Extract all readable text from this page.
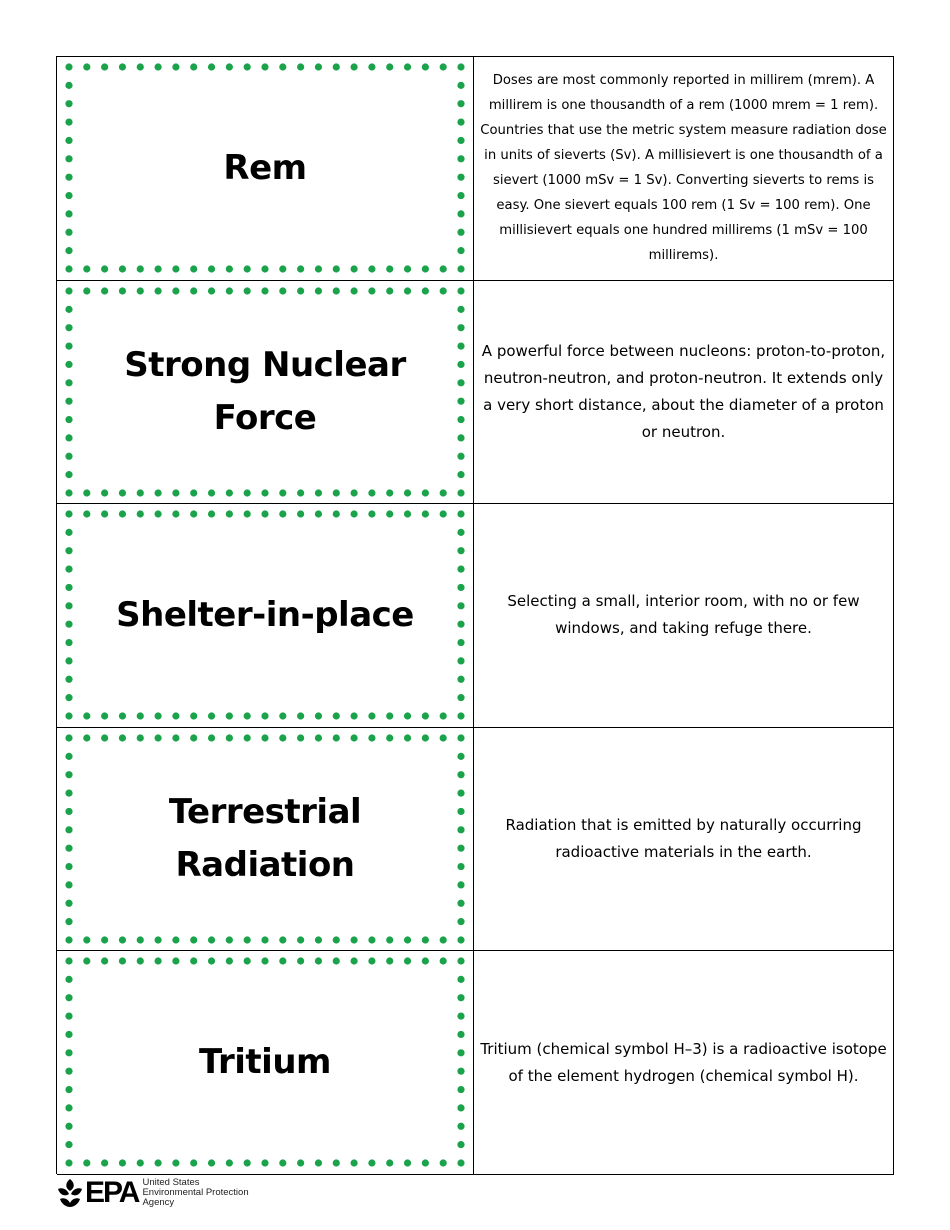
Rem
Doses are most commonly reported in millirem (mrem). A millirem is one thousandth of a rem (1000 mrem = 1 rem). Countries that use the metric system measure radiation dose in units of sieverts (Sv). A millisievert is one thousandth of a sievert (1000 mSv = 1 Sv). Converting sieverts to rems is easy. One sievert equals 100 rem (1 Sv = 100 rem). One millisievert equals one hundred millirems (1 mSv = 100 millirems).
Strong Nuclear
Force
A powerful force between nucleons: proton-to-proton, neutron-neutron, and proton-neutron. It extends only a very short distance, about the diameter of a proton or neutron.
Shelter-in-place	Selecting a small, interior room, with no or few windows, and taking refuge there.
Terrestrial
Radiation
Radiation that is emitted by naturally occurring radioactive materials in the earth.
Tritium	Tritium (chemical symbol H–3) is a radioactive isotope of the element hydrogen (chemical symbol H).
EPA United States
Environmental Protection
Agency
